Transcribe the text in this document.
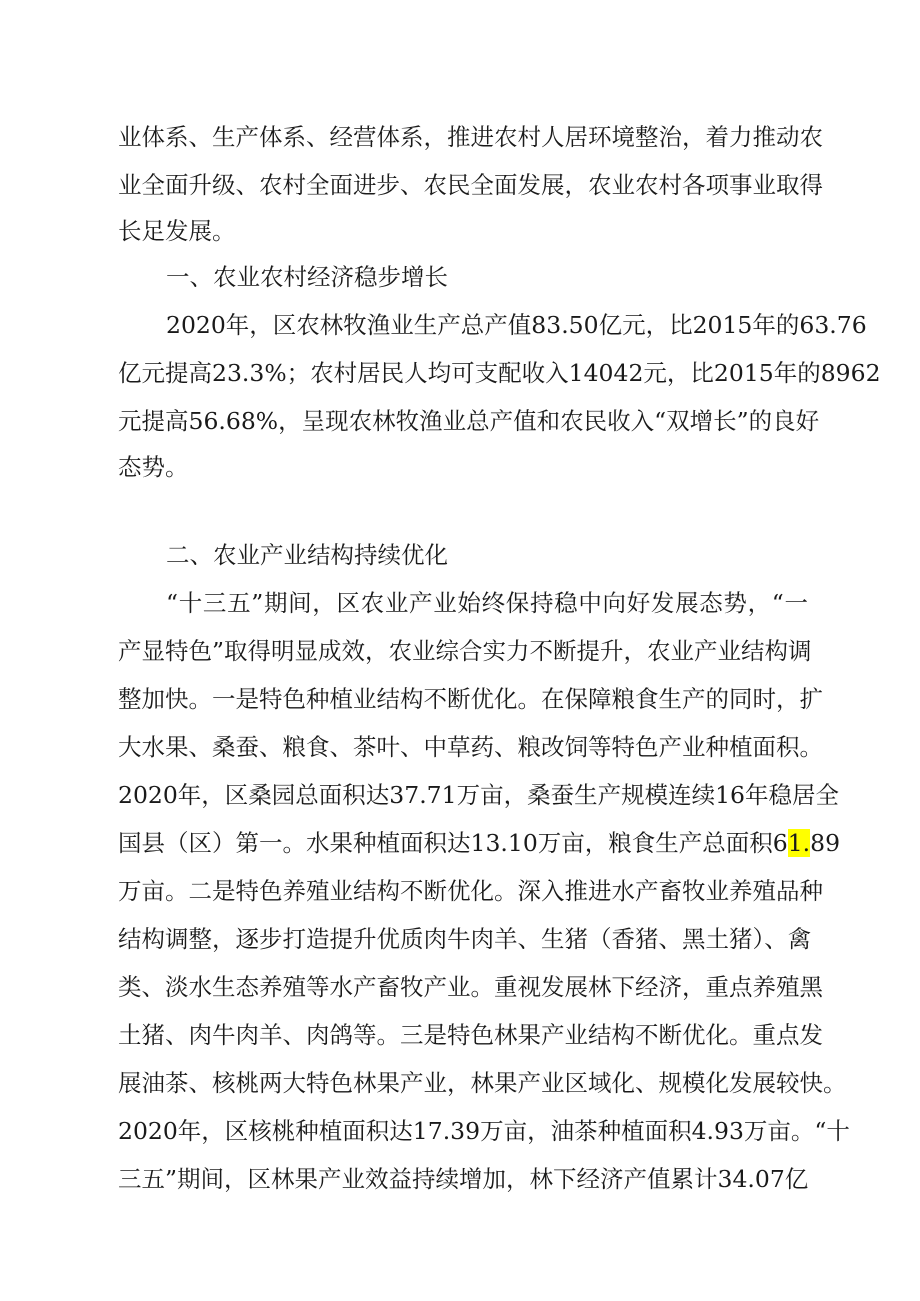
业体系、生产体系、经营体系，推进农村人居环境整治，着力推动农
业全面升级、农村全面进步、农民全面发展，农业农村各项事业取得
长足发展。
一、农业农村经济稳步增长
2020年，区农林牧渔业生产总产值83.50亿元，比2015年的63.76
亿元提高23.3%；农村居民人均可支配收入14042元，比2015年的8962
元提高56.68%，呈现农林牧渔业总产值和农民收入“双增长”的良好
态势。
二、农业产业结构持续优化
“十三五”期间，区农业产业始终保持稳中向好发展态势，“一
产显特色”取得明显成效，农业综合实力不断提升，农业产业结构调
整加快。一是特色种植业结构不断优化。在保障粮食生产的同时，扩
大水果、桑蚕、粮食、茶叶、中草药、粮改饲等特色产业种植面积。
2020年，区桑园总面积达37.71万亩，桑蚕生产规模连续16年稳居全
国县（区）第一。水果种植面积达13.10万亩，粮食生产总面积61.89
万亩。二是特色养殖业结构不断优化。深入推进水产畜牧业养殖品种
结构调整，逐步打造提升优质肉牛肉羊、生猪（香猪、黑土猪）、禽
类、淡水生态养殖等水产畜牧产业。重视发展林下经济，重点养殖黑
土猪、肉牛肉羊、肉鸽等。三是特色林果产业结构不断优化。重点发
展油茶、核桃两大特色林果产业，林果产业区域化、规模化发展较快。
2020年，区核桃种植面积达17.39万亩，油茶种植面积4.93万亩。“十
三五”期间，区林果产业效益持续增加，林下经济产值累计34.07亿
